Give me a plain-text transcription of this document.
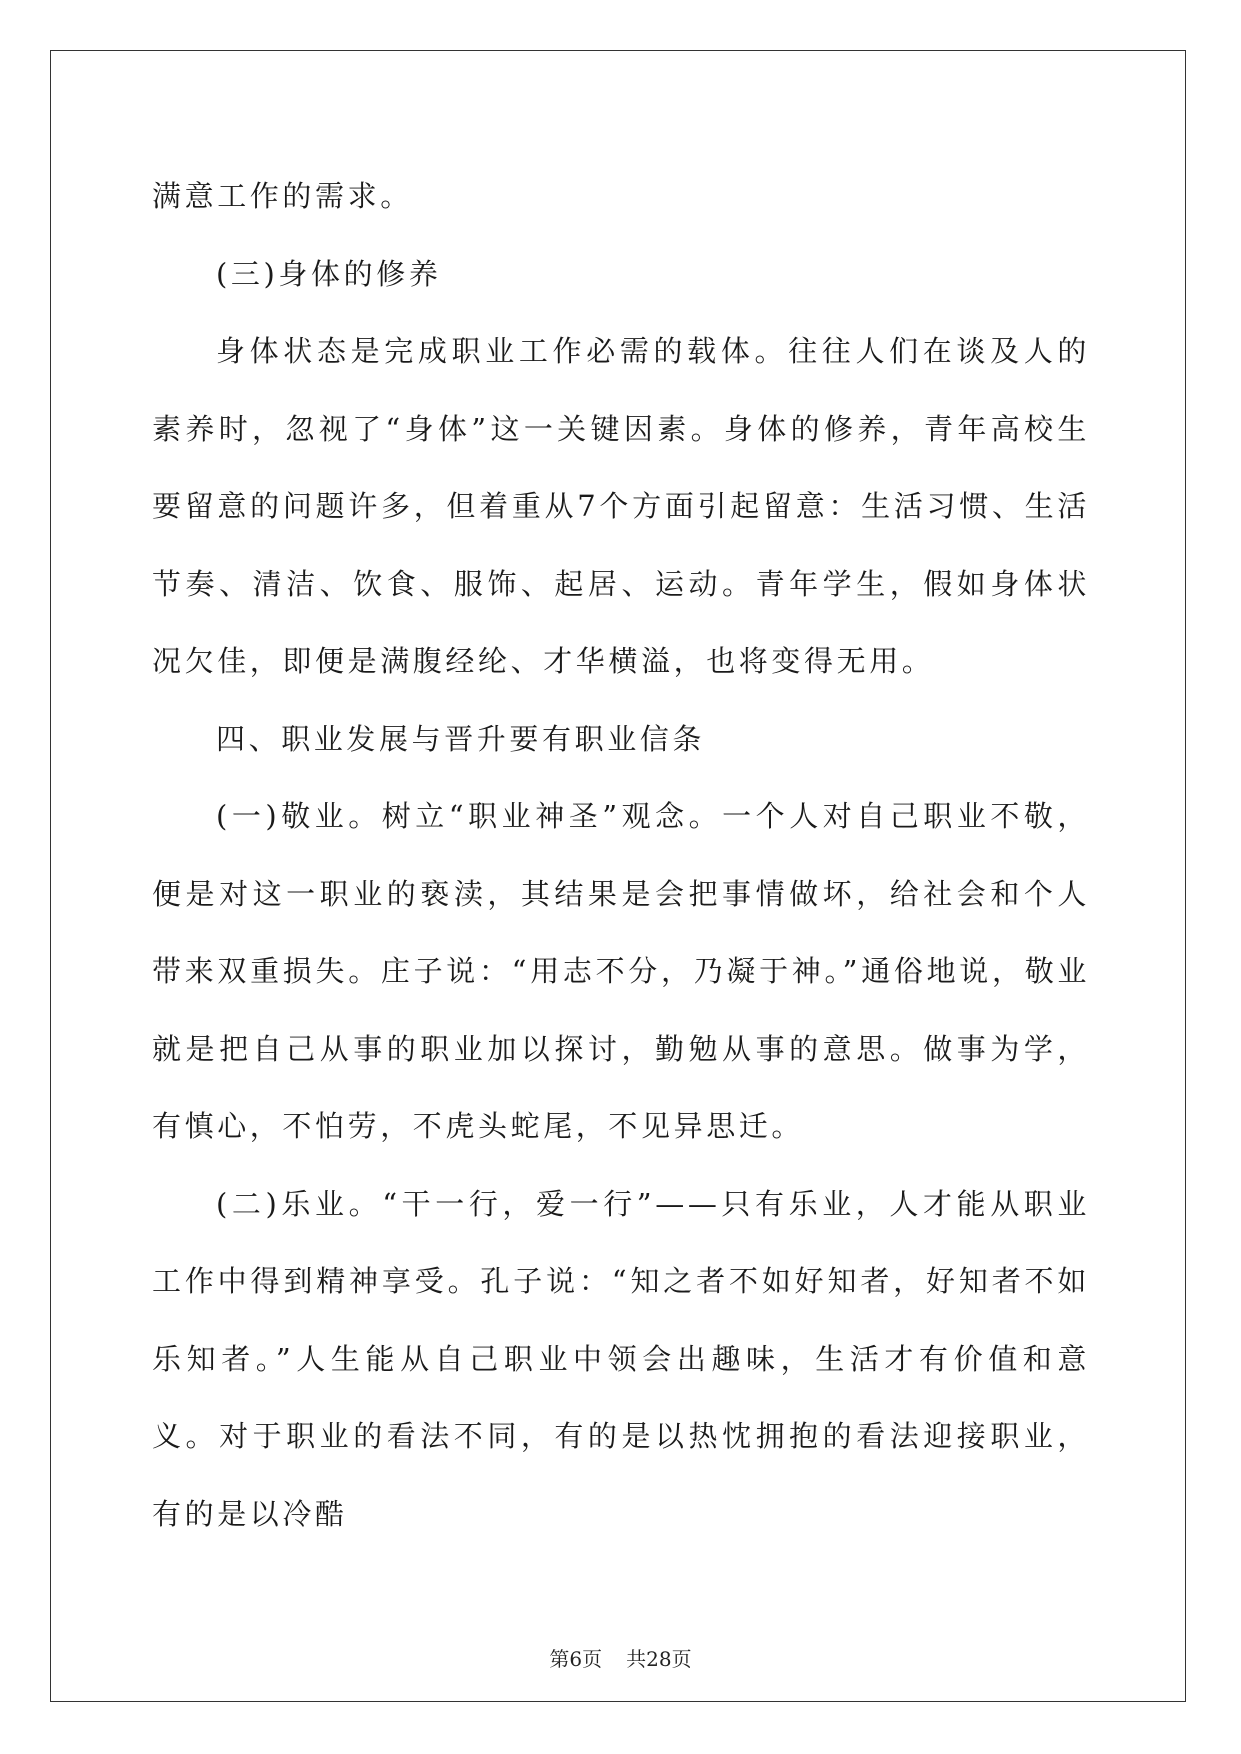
满意工作的需求。

(三)身体的修养

身体状态是完成职业工作必需的载体。往往人们在谈及人的素养时，忽视了“身体”这一关键因素。身体的修养，青年高校生要留意的问题许多，但着重从7个方面引起留意：生活习惯、生活节奏、清洁、饮食、服饰、起居、运动。青年学生，假如身体状况欠佳，即便是满腹经纶、才华横溢，也将变得无用。

四、职业发展与晋升要有职业信条

(一)敬业。树立“职业神圣”观念。一个人对自己职业不敬，便是对这一职业的亵渎，其结果是会把事情做坏，给社会和个人带来双重损失。庄子说：“用志不分，乃凝于神。”通俗地说，敬业就是把自己从事的职业加以探讨，勤勉从事的意思。做事为学，有慎心，不怕劳，不虎头蛇尾，不见异思迁。

(二)乐业。“干一行，爱一行”——只有乐业，人才能从职业工作中得到精神享受。孔子说：“知之者不如好知者，好知者不如乐知者。”人生能从自己职业中领会出趣味，生活才有价值和意义。对于职业的看法不同，有的是以热忱拥抱的看法迎接职业，有的是以冷酷

第6页 共28页
